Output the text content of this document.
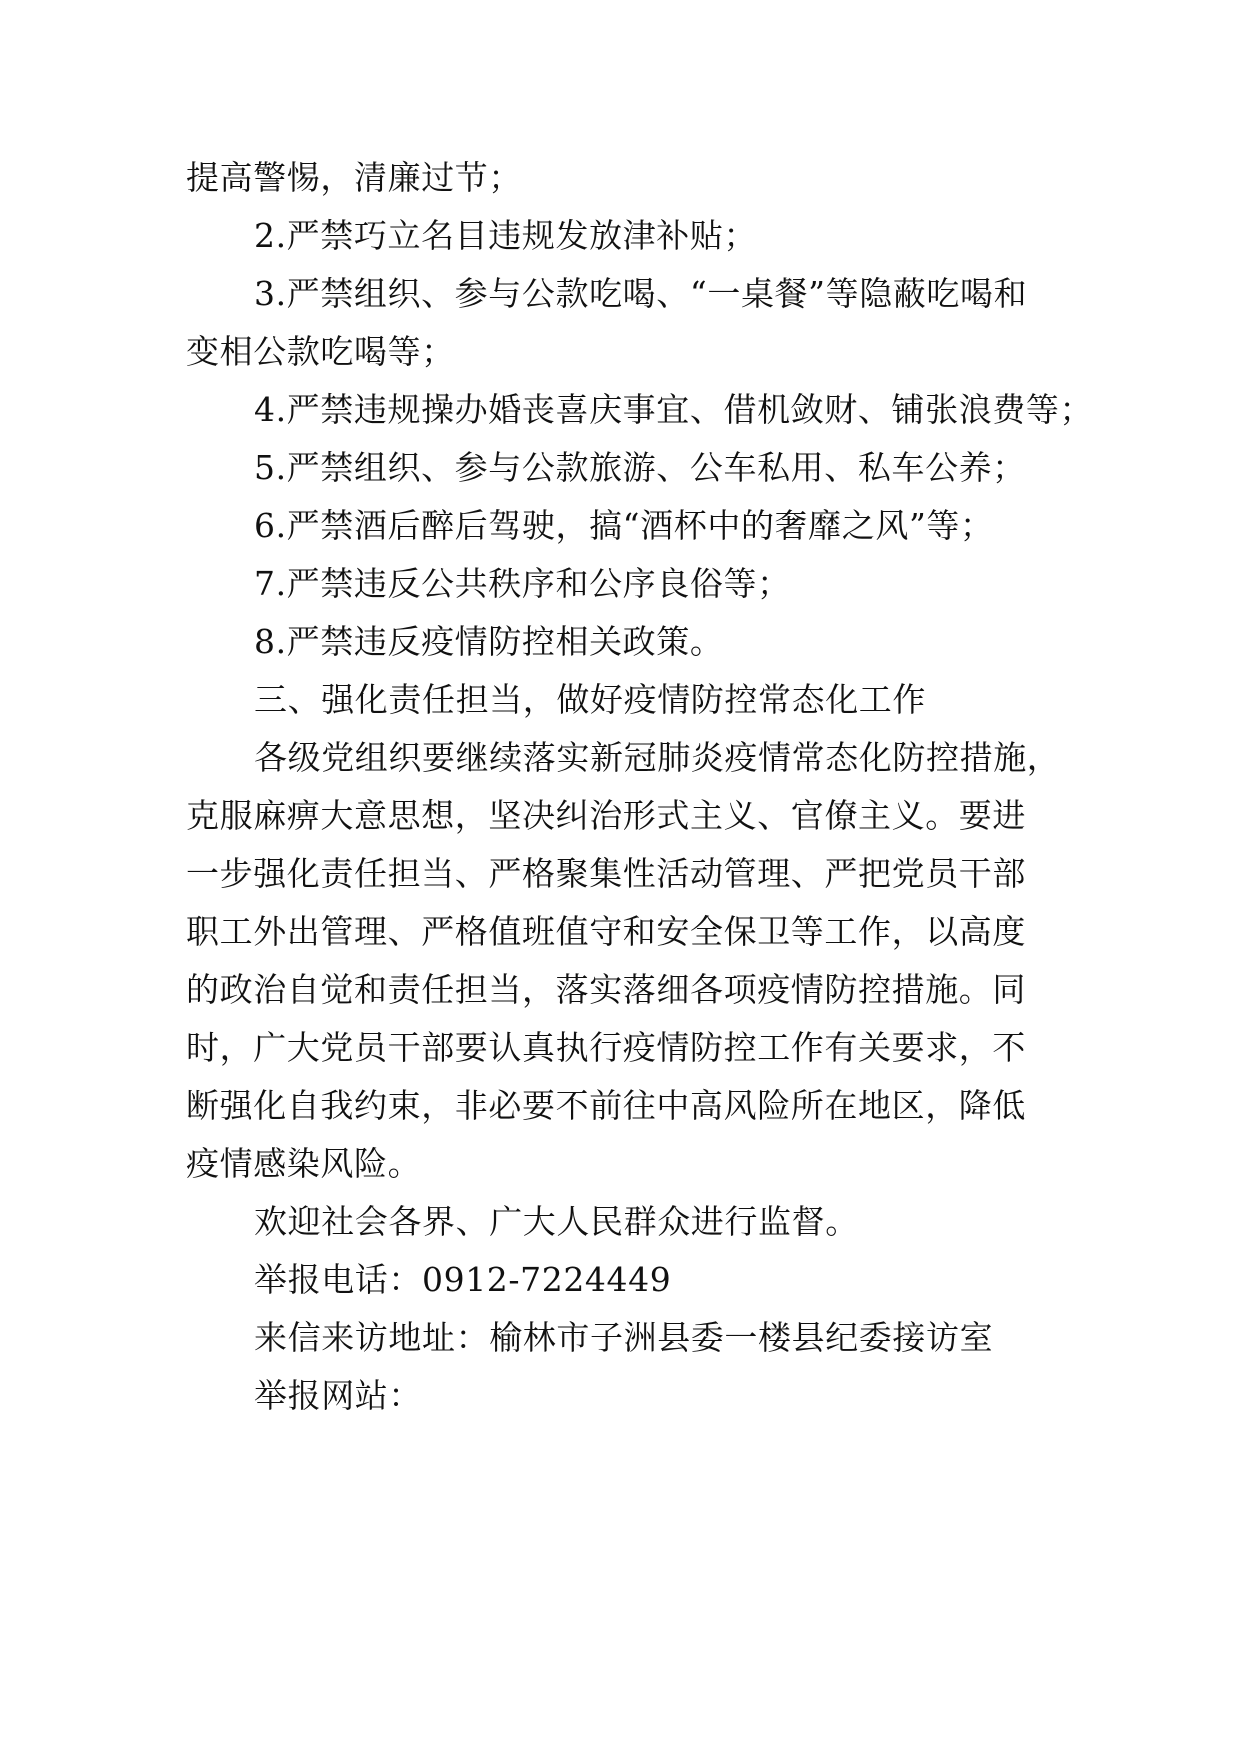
提高警惕，清廉过节；

2.严禁巧立名目违规发放津补贴；

3.严禁组织、参与公款吃喝、“一桌餐”等隐蔽吃喝和

变相公款吃喝等；

4.严禁违规操办婚丧喜庆事宜、借机敛财、铺张浪费等；

5.严禁组织、参与公款旅游、公车私用、私车公养；

6.严禁酒后醉后驾驶，搞“酒杯中的奢靡之风”等；

7.严禁违反公共秩序和公序良俗等；

8.严禁违反疫情防控相关政策。

三、强化责任担当，做好疫情防控常态化工作

各级党组织要继续落实新冠肺炎疫情常态化防控措施，

克服麻痹大意思想，坚决纠治形式主义、官僚主义。要进

一步强化责任担当、严格聚集性活动管理、严把党员干部

职工外出管理、严格值班值守和安全保卫等工作，以高度

的政治自觉和责任担当，落实落细各项疫情防控措施。同

时，广大党员干部要认真执行疫情防控工作有关要求，不

断强化自我约束，非必要不前往中高风险所在地区，降低

疫情感染风险。

欢迎社会各界、广大人民群众进行监督。

举报电话：0912-7224449

来信来访地址：榆林市子洲县委一楼县纪委接访室

举报网站：
